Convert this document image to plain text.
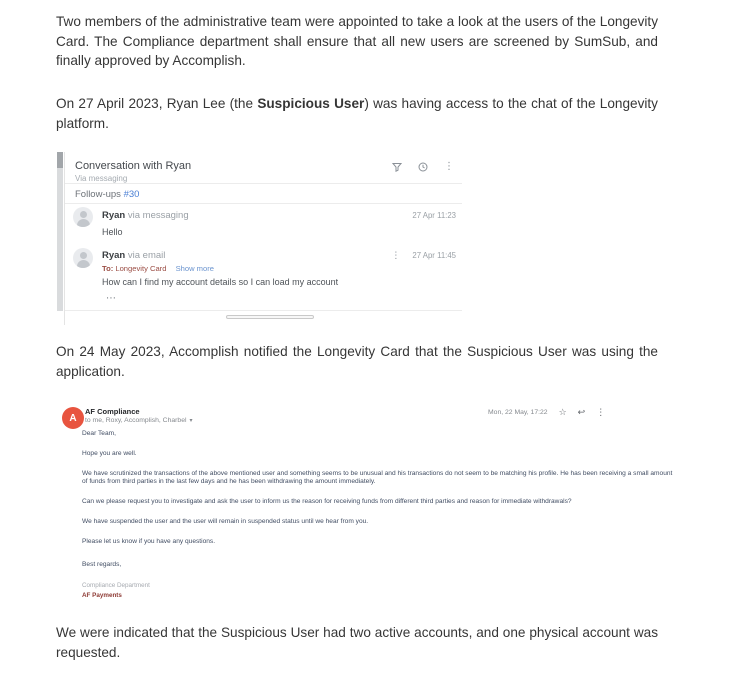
Two members of the administrative team were appointed to take a look at the users of the Longevity Card. The Compliance department shall ensure that all new users are screened by SumSub, and finally approved by Accomplish.

On 27 April 2023, Ryan Lee (the Suspicious User) was having access to the chat of the Longevity platform.

Conversation with Ryan
Via messaging
⋮
Follow-ups #30
Ryan via messaging	27 Apr 11:23
Hello
Ryan via email	⋮ 27 Apr 11:45
To: Longevity Card Show more
How can I find my account details so I can load my account
⋯

On 24 May 2023, Accomplish notified the Longevity Card that the Suspicious User was using the application.

A
AF Compliance
to me, Roxy, Accomplish, Charbel ▾
Mon, 22 May, 17:22 ☆ ↩ ⋮

Dear Team,

Hope you are well.

We have scrutinized the transactions of the above mentioned user and something seems to be unusual and his transactions do not seem to be matching his profile. He has been receiving a small amount of funds from third parties in the last few days and he has been withdrawing the amount immediately.

Can we please request you to investigate and ask the user to inform us the reason for receiving funds from different third parties and reason for immediate withdrawals?

We have suspended the user and the user will remain in suspended status until we hear from you.

Please let us know if you have any questions.

Best regards,

Compliance Department

AF Payments

We were indicated that the Suspicious User had two active accounts, and one physical account was requested.
